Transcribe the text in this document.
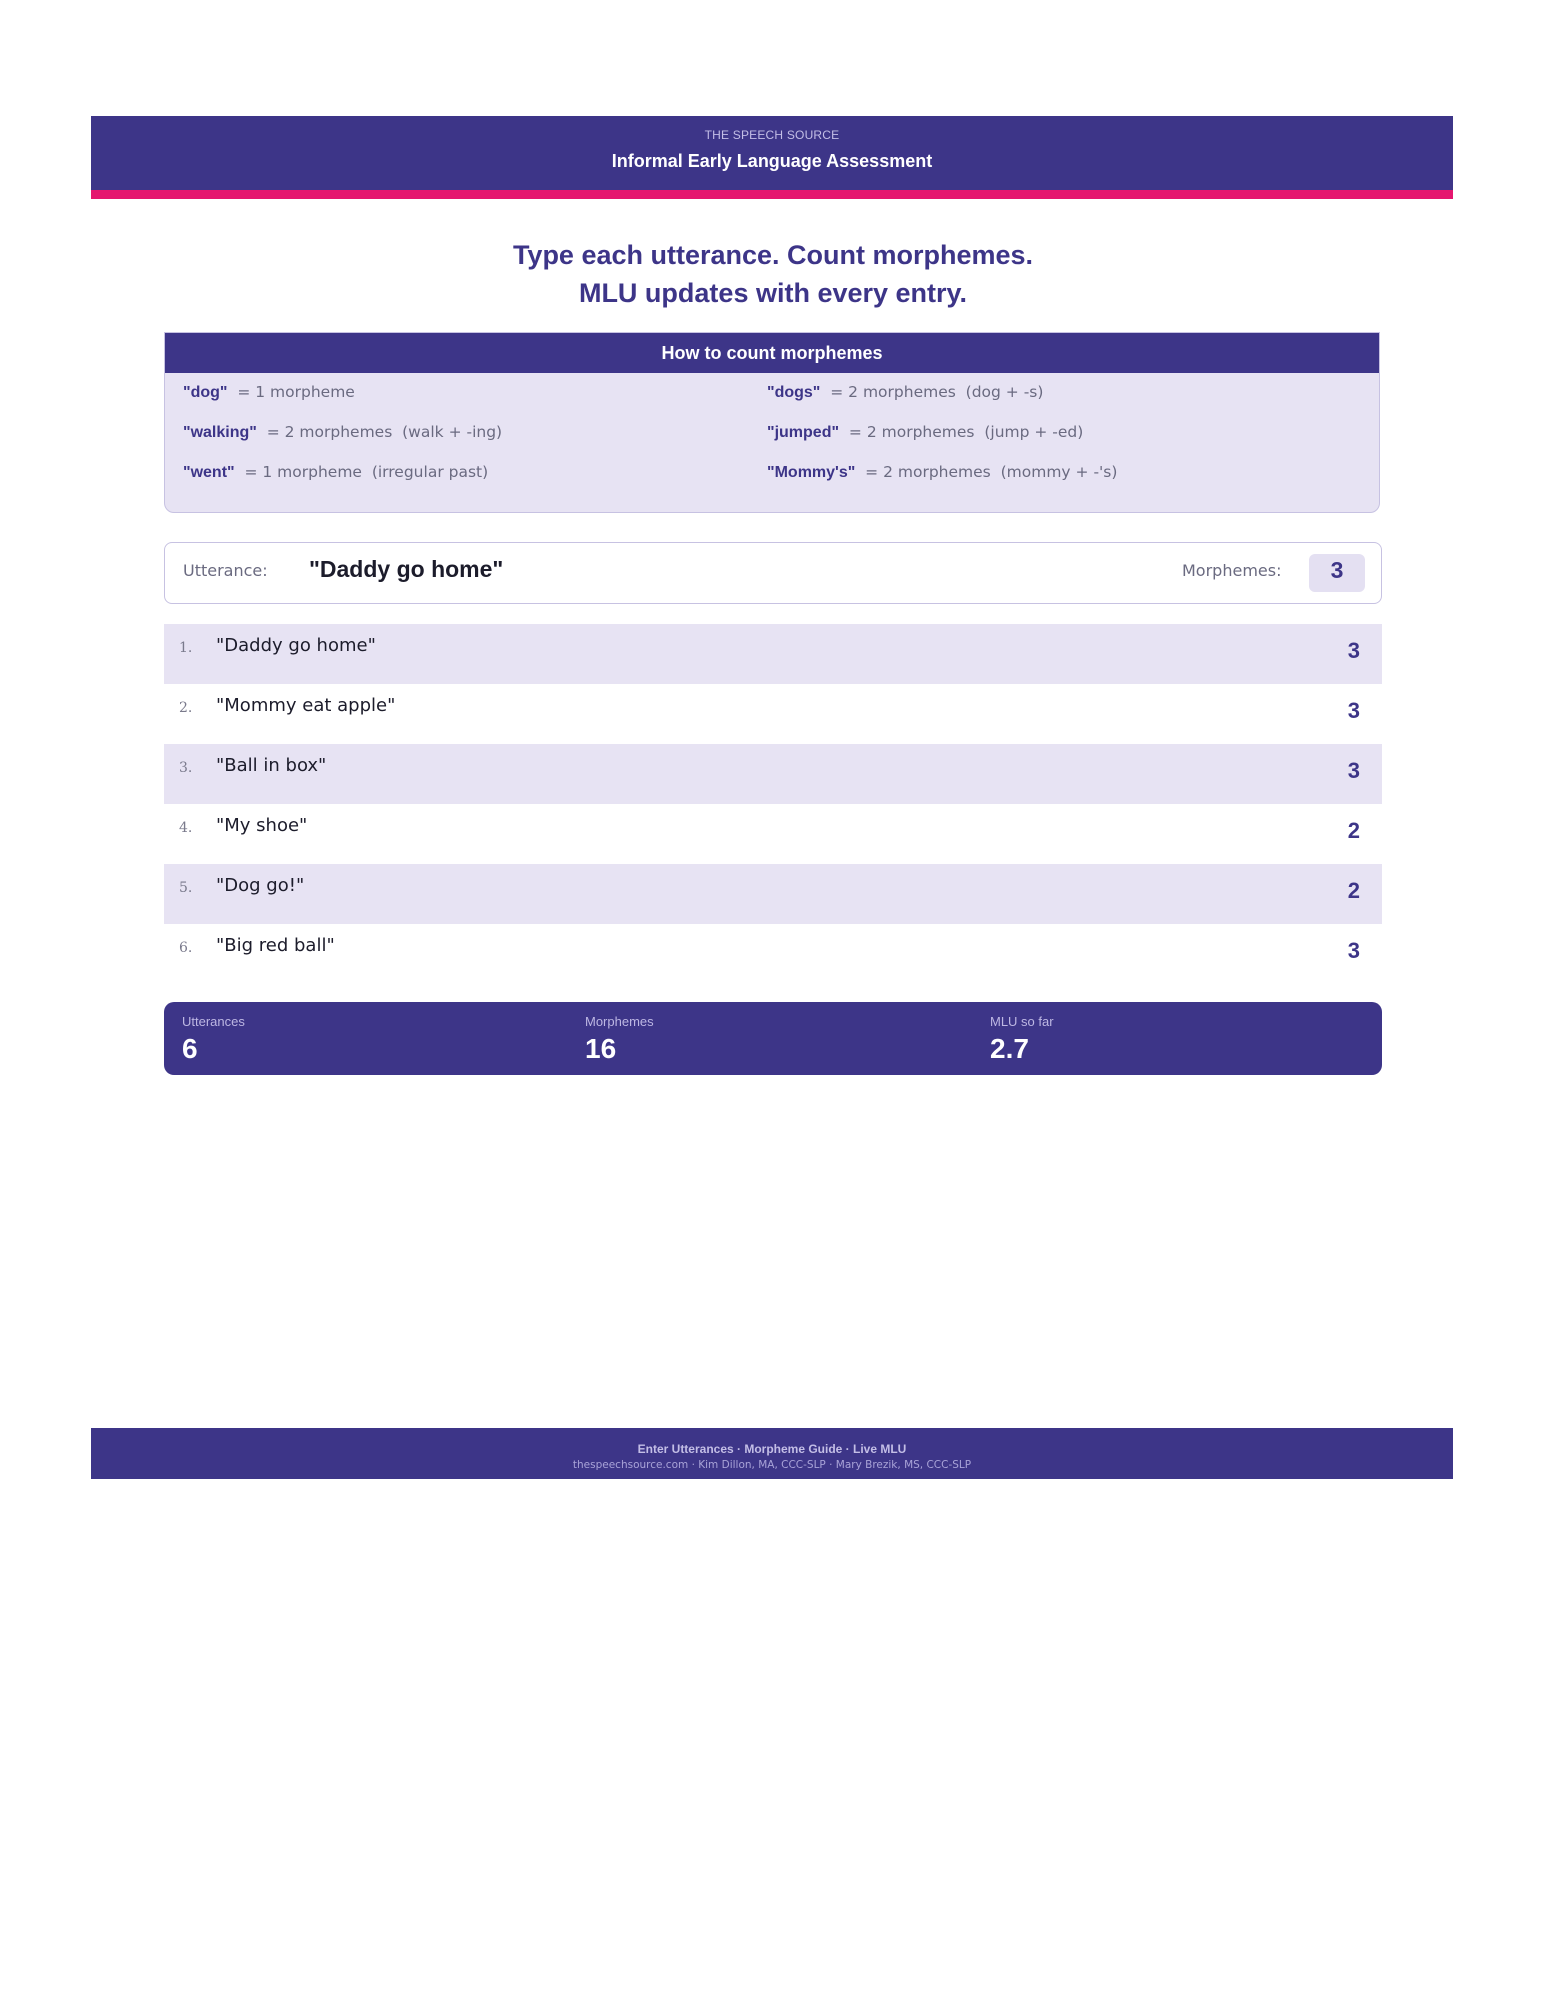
THE SPEECH SOURCE
Informal Early Language Assessment
Type each utterance. Count morphemes.
MLU updates with every entry.
How to count morphemes
"dog"  = 1 morpheme	"dogs"  = 2 morphemes  (dog + -s)
"walking"  = 2 morphemes  (walk + -ing)	"jumped"  = 2 morphemes  (jump + -ed)
"went"  = 1 morpheme  (irregular past)	"Mommy's"  = 2 morphemes  (mommy + -'s)
Utterance:
"Daddy go home"	Morphemes:	3
1. "Daddy go home"	3
2. "Mommy eat apple"	3
3. "Ball in box"	3
4. "My shoe"	2
5. "Dog go!"	2
6. "Big red ball"	3
Utterances
6
Morphemes
16
MLU so far
2.7
Enter Utterances · Morpheme Guide · Live MLU
thespeechsource.com · Kim Dillon, MA, CCC-SLP · Mary Brezik, MS, CCC-SLP
